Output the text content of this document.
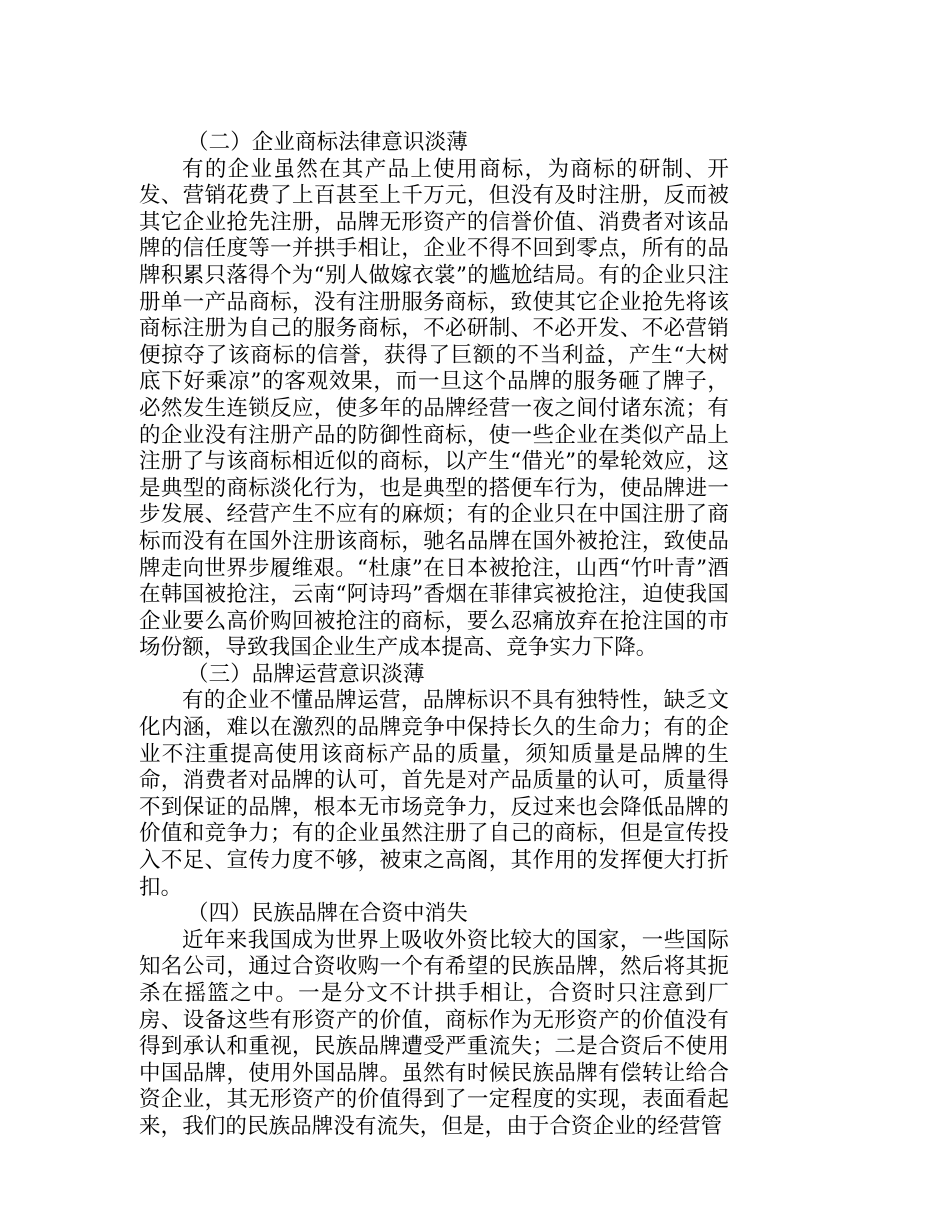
（二）企业商标法律意识淡薄

有的企业虽然在其产品上使用商标，为商标的研制、开发、营销花费了上百甚至上千万元，但没有及时注册，反而被其它企业抢先注册，品牌无形资产的信誉价值、消费者对该品牌的信任度等一并拱手相让，企业不得不回到零点，所有的品牌积累只落得个为“别人做嫁衣裳”的尴尬结局。有的企业只注册单一产品商标，没有注册服务商标，致使其它企业抢先将该商标注册为自己的服务商标，不必研制、不必开发、不必营销便掠夺了该商标的信誉，获得了巨额的不当利益，产生“大树底下好乘凉”的客观效果，而一旦这个品牌的服务砸了牌子，必然发生连锁反应，使多年的品牌经营一夜之间付诸东流；有的企业没有注册产品的防御性商标，使一些企业在类似产品上注册了与该商标相近似的商标，以产生“借光”的晕轮效应，这是典型的商标淡化行为，也是典型的搭便车行为，使品牌进一步发展、经营产生不应有的麻烦；有的企业只在中国注册了商标而没有在国外注册该商标，驰名品牌在国外被抢注，致使品牌走向世界步履维艰。“杜康”在日本被抢注，山西“竹叶青”酒在韩国被抢注，云南“阿诗玛”香烟在菲律宾被抢注，迫使我国企业要么高价购回被抢注的商标，要么忍痛放弃在抢注国的市场份额，导致我国企业生产成本提高、竞争实力下降。

（三）品牌运营意识淡薄

有的企业不懂品牌运营，品牌标识不具有独特性，缺乏文化内涵，难以在激烈的品牌竞争中保持长久的生命力；有的企业不注重提高使用该商标产品的质量，须知质量是品牌的生命，消费者对品牌的认可，首先是对产品质量的认可，质量得不到保证的品牌，根本无市场竞争力，反过来也会降低品牌的价值和竞争力；有的企业虽然注册了自己的商标，但是宣传投入不足、宣传力度不够，被束之高阁，其作用的发挥便大打折扣。

（四）民族品牌在合资中消失

近年来我国成为世界上吸收外资比较大的国家，一些国际知名公司，通过合资收购一个有希望的民族品牌，然后将其扼杀在摇篮之中。一是分文不计拱手相让，合资时只注意到厂房、设备这些有形资产的价值，商标作为无形资产的价值没有得到承认和重视，民族品牌遭受严重流失；二是合资后不使用中国品牌，使用外国品牌。虽然有时候民族品牌有偿转让给合资企业，其无形资产的价值得到了一定程度的实现，表面看起来，我们的民族品牌没有流失，但是，由于合资企业的经营管
